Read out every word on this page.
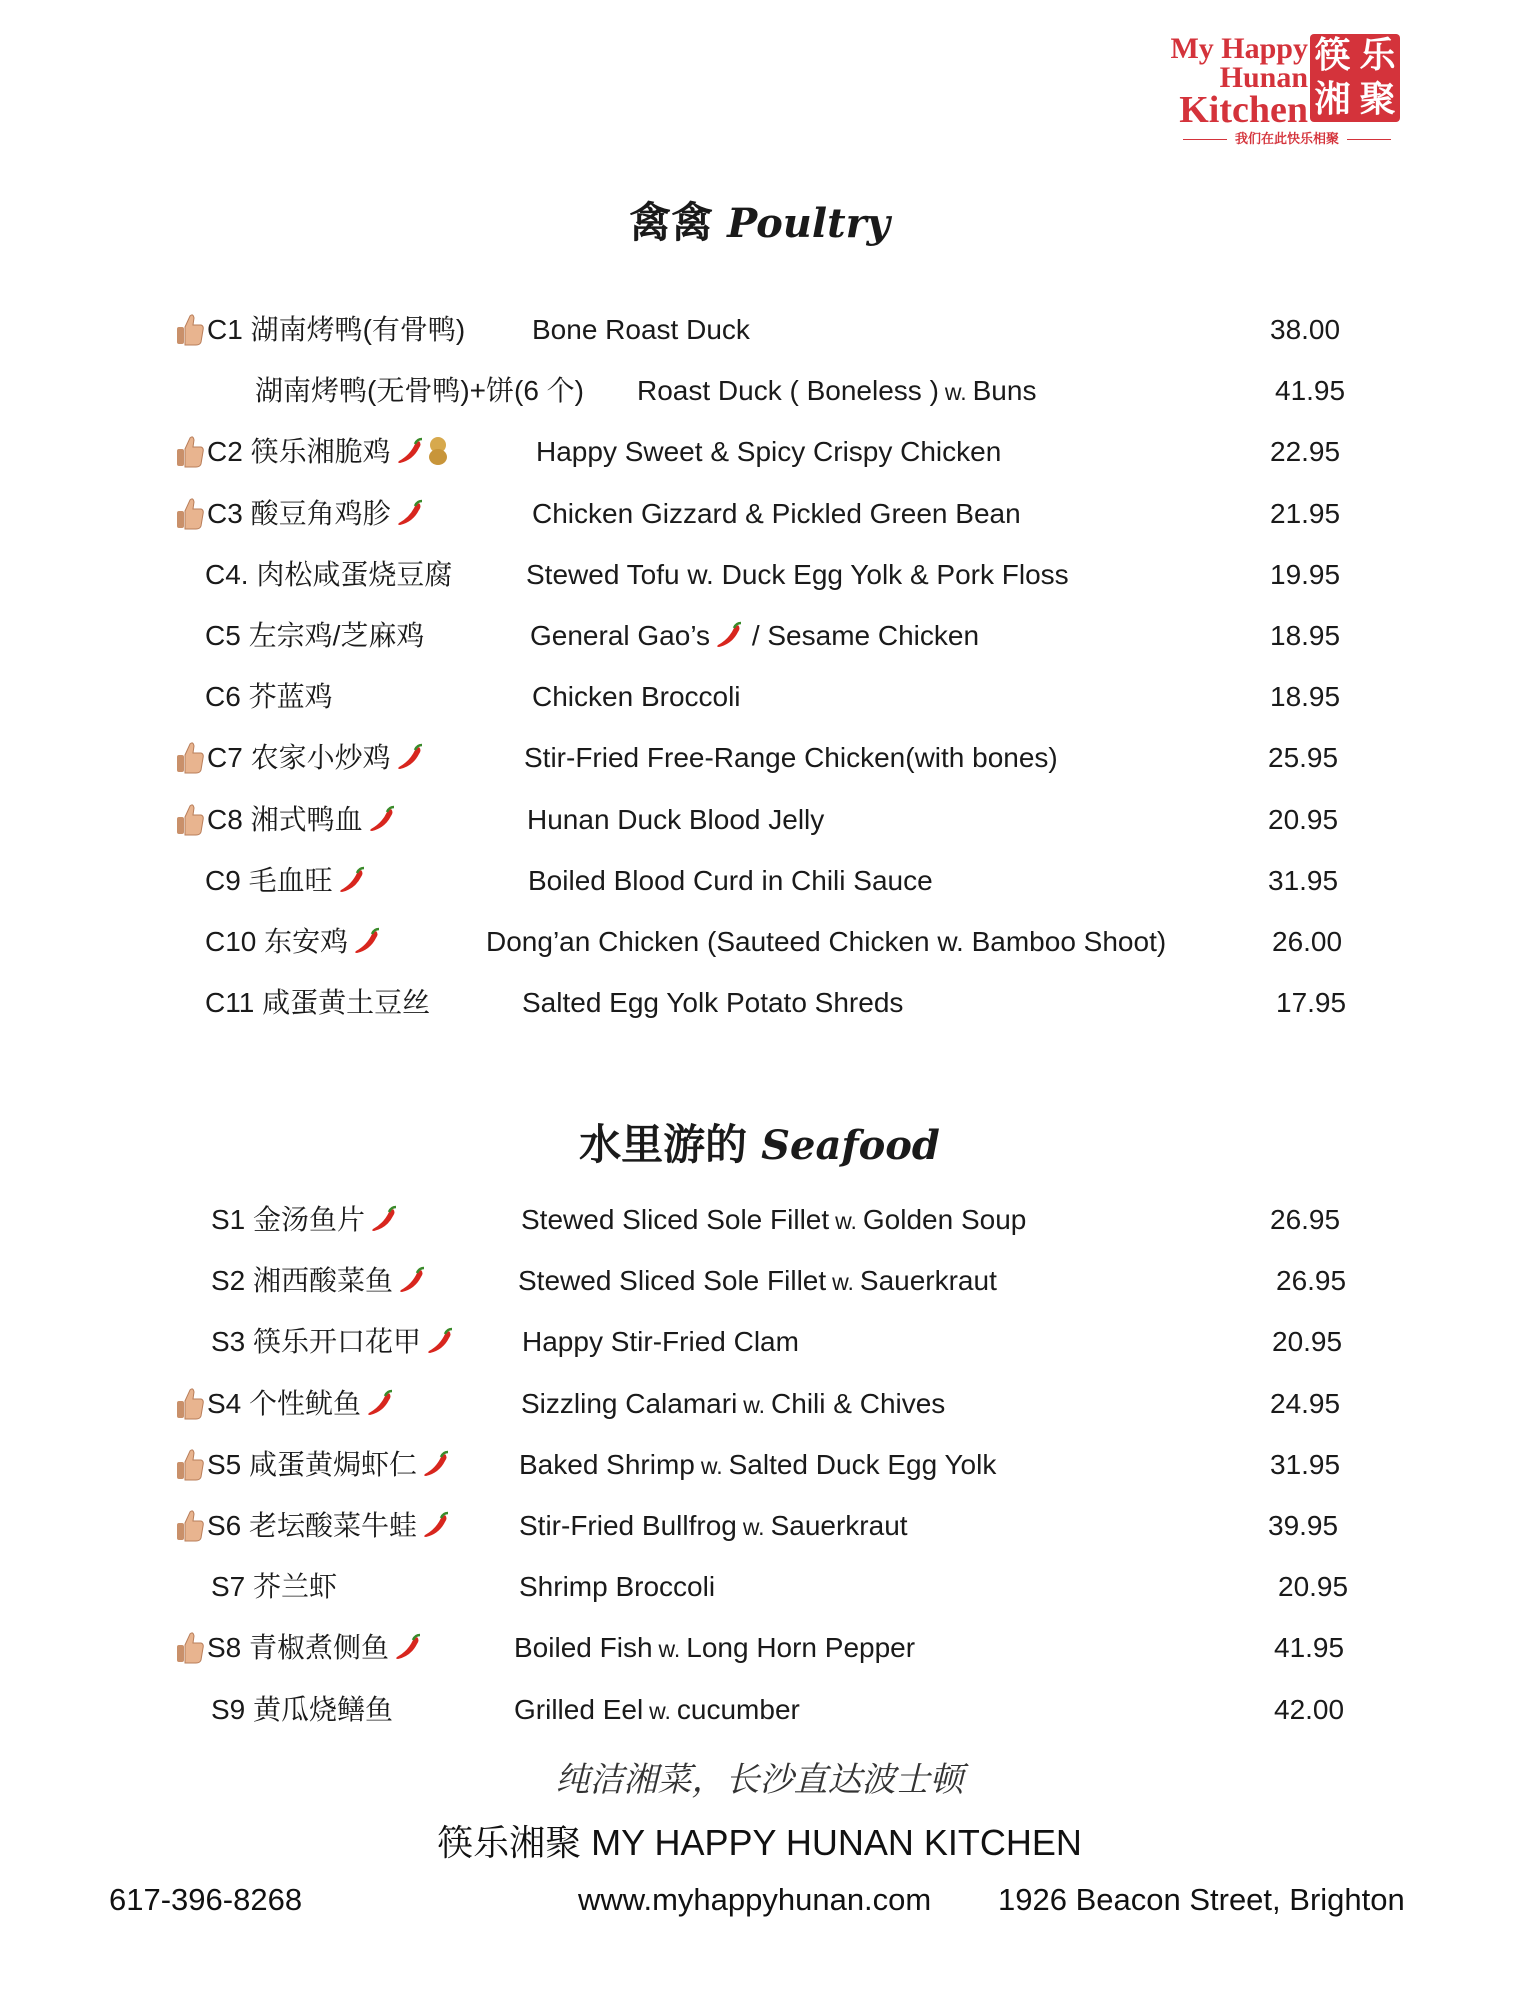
My Happy
Hunan
Kitchen
筷 乐
湘 聚
我们在此快乐相聚
禽禽 Poultry
水里游的 Seafood
C1 湖南烤鸭(有骨鸭) Bone Roast Duck	38.00
湖南烤鸭(无骨鸭)+饼(6 个) Roast Duck ( Boneless ) w. Buns	41.95
C2 筷乐湘脆鸡	Happy Sweet & Spicy Crispy Chicken	22.95
C3 酸豆角鸡胗	Chicken Gizzard & Pickled Green Bean	21.95
C4. 肉松咸蛋烧豆腐	Stewed Tofu w. Duck Egg Yolk & Pork Floss	19.95
C5 左宗鸡/芝麻鸡	General Gao’s / Sesame Chicken	18.95
C6 芥蓝鸡	Chicken Broccoli	18.95
C7 农家小炒鸡	Stir-Fried Free-Range Chicken(with bones)	25.95
C8 湘式鸭血	Hunan Duck Blood Jelly	20.95
C9 毛血旺	Boiled Blood Curd in Chili Sauce	31.95
C10 东安鸡	Dong’an Chicken (Sauteed Chicken w. Bamboo Shoot)	26.00
C11 咸蛋黄土豆丝	Salted Egg Yolk Potato Shreds	17.95
S1 金汤鱼片	Stewed Sliced Sole Fillet w. Golden Soup	26.95
S2 湘西酸菜鱼	Stewed Sliced Sole Fillet w. Sauerkraut	26.95
S3 筷乐开口花甲	Happy Stir-Fried Clam	20.95
S4 个性鱿鱼	Sizzling Calamari w. Chili & Chives	24.95
S5 咸蛋黄焗虾仁	Baked Shrimp w. Salted Duck Egg Yolk	31.95
S6 老坛酸菜牛蛙	Stir-Fried Bullfrog w. Sauerkraut	39.95
S7 芥兰虾	Shrimp Broccoli	20.95
S8 青椒煮侧鱼	Boiled Fish w. Long Horn Pepper	41.95
S9 黄瓜烧鳝鱼	Grilled Eel w. cucumber	42.00
纯洁湘菜，长沙直达波士顿
筷乐湘聚 MY HAPPY HUNAN KITCHEN
617-396-8268	www.myhappyhunan.com 1926 Beacon Street, Brighton
